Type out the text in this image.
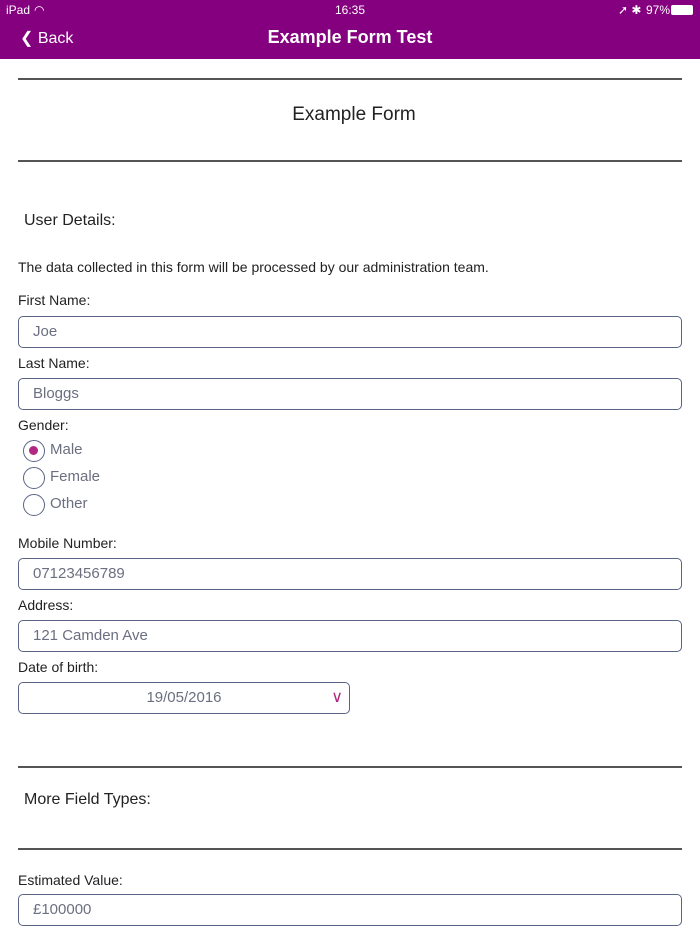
iPad ◠	16:35	➚ ✱ 97%
❮ Back	Example Form Test
Example Form
User Details:
The data collected in this form will be processed by our administration team.
First Name:
Joe
Last Name:
Bloggs
Gender:
Male
Female
Other
Mobile Number:
07123456789
Address:
121 Camden Ave
Date of birth:
19/05/2016	∨
More Field Types:
Estimated Value:
£100000
